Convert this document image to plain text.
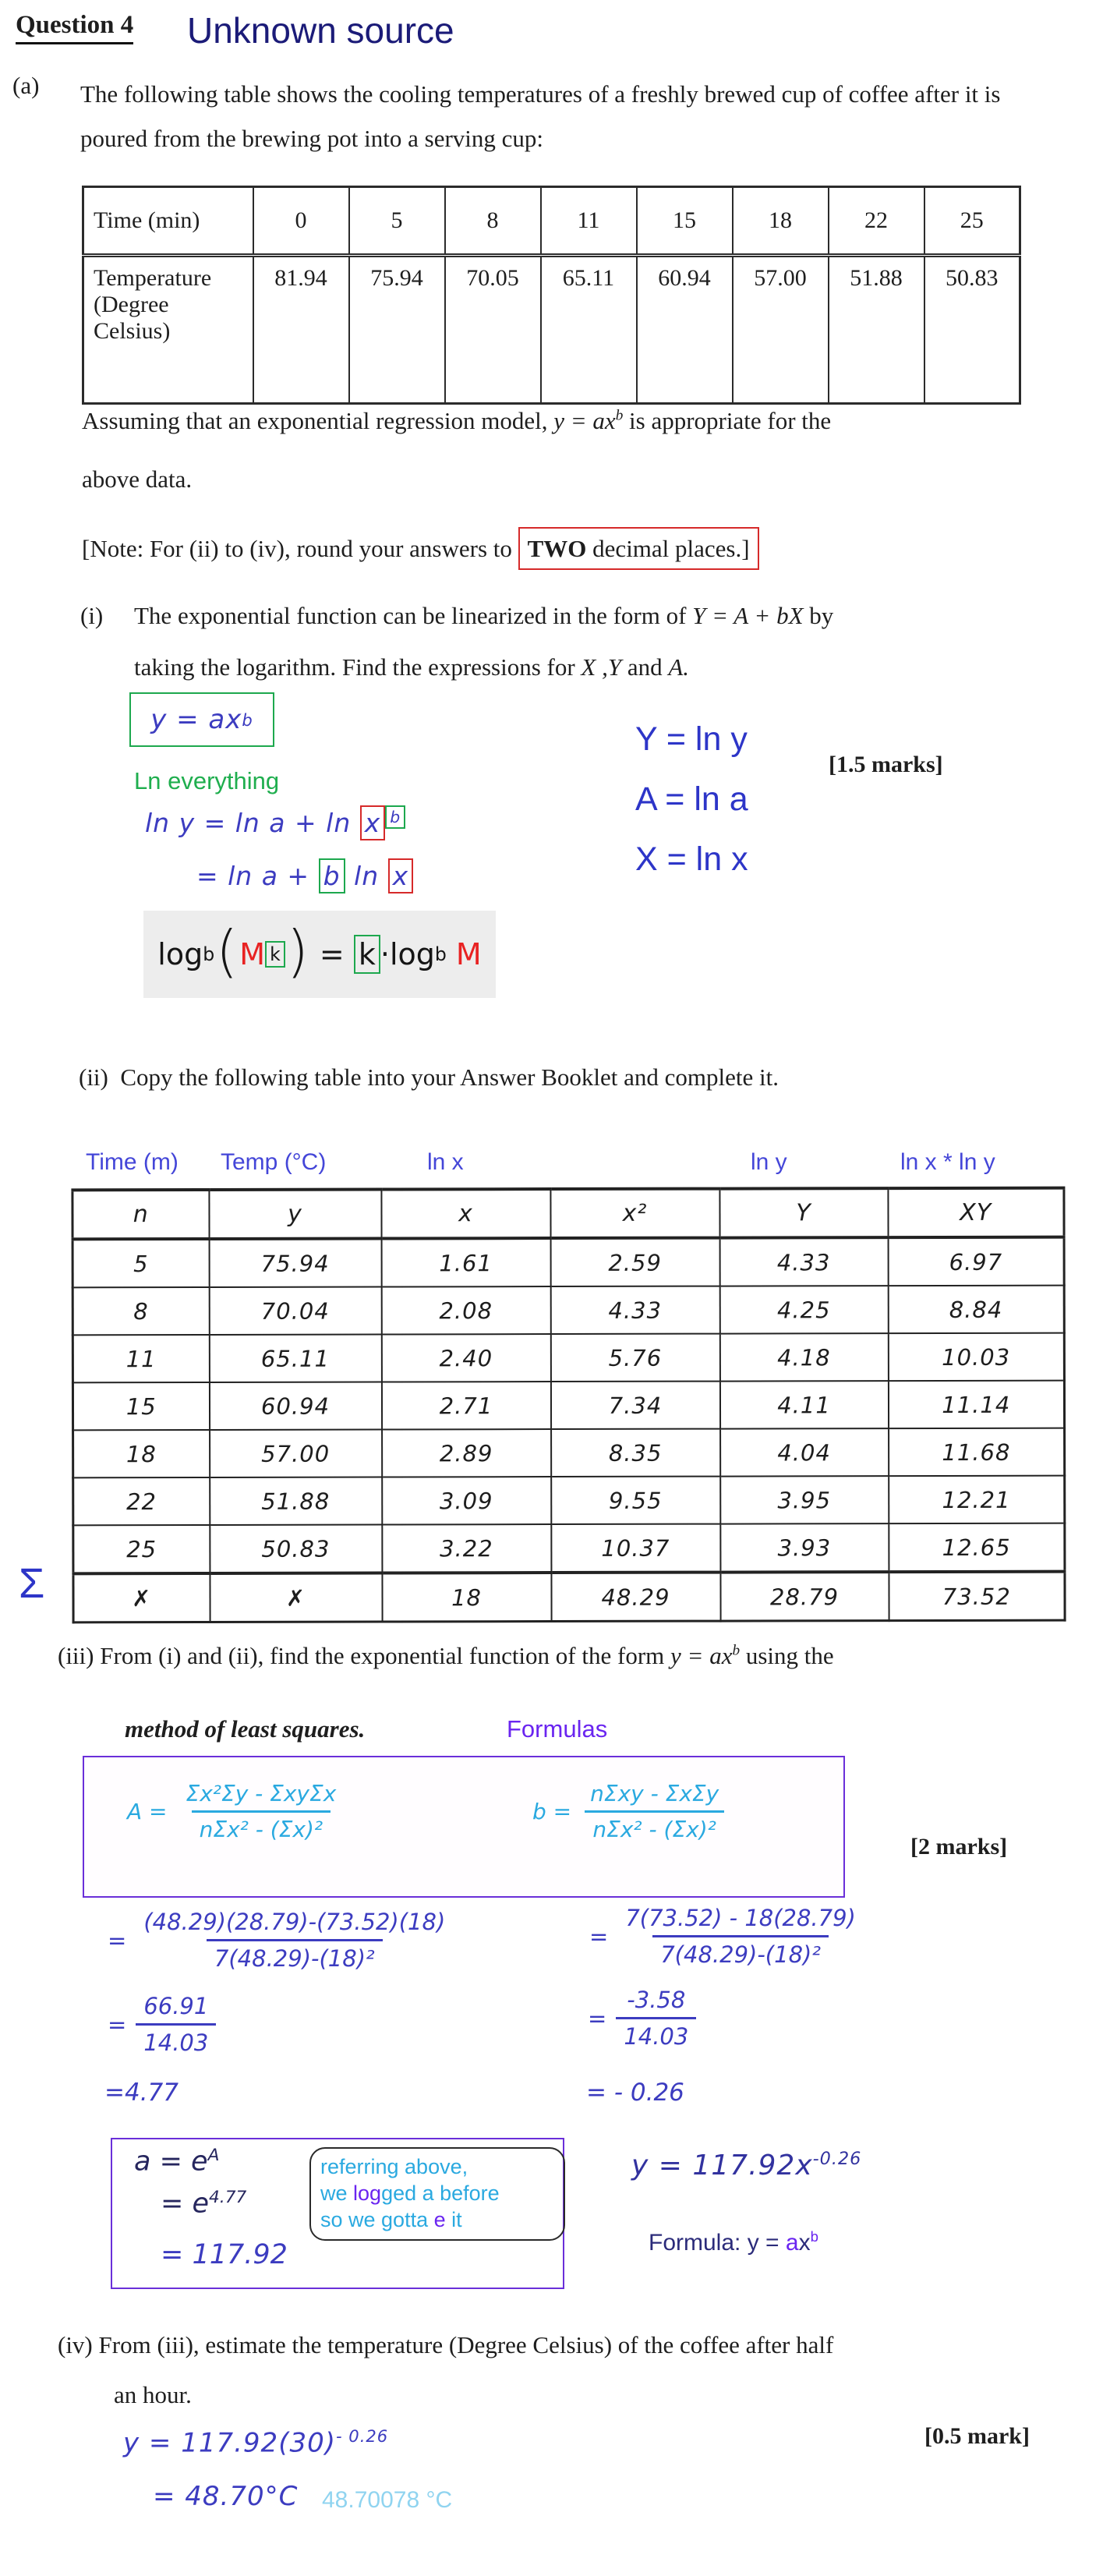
Question 4 Unknown source
(a) The following table shows the cooling temperatures of a freshly brewed cup of coffee after it is poured from the brewing pot into a serving cup:
Time (min)	0	5	8	11	15	18	22	25
Temperature (Degree Celsius)	81.94	75.94	70.05	65.11	60.94	57.00	51.88	50.83
Assuming that an exponential regression model, $y = ax^b$ is appropriate for the
above data.
[Note: For (ii) to (iv), round your answers to TWO decimal places.]
(i) The exponential function can be linearized in the form of Y = A + bX by
taking the logarithm. Find the expressions for X ,Y and A.
[1.5 marks]
y = ax b
Ln everything
ln y = ln a + ln x $^b$
= ln a + b ln x
log b ( M k )
=
k · log b
M
Y = ln y
A = ln a
X = ln x
(ii) Copy the following table into your Answer Booklet and complete it.
Time (m) Temp (°C)	ln x	ln y	ln x * ln y
n	y	x	x²	Y	XY
5	75.94	1.61	2.59	4.33	6.97
8	70.04	2.08	4.33	4.25	8.84
11	65.11	2.40	5.76	4.18	10.03
15	60.94	2.71	7.34	4.11	11.14
18	57.00	2.89	8.35	4.04	11.68
22	51.88	3.09	9.55	3.95	12.21
25	50.83	3.22	10.37	3.93	12.65
✗	✗	18	48.29	28.79	73.52
Σ
(iii) From (i) and (ii), find the exponential function of the form $y = ax^b$ using the
method of least squares.	Formulas
[2 marks]
$A = \frac{\text{Σx²Σy - ΣxyΣx}}{\text{nΣx² - (Σx)²}}$	$b = \frac{\text{nΣxy - ΣxΣy}}{\text{nΣx² - (Σx)²}}$
= $\frac{(48.29)(28.79)-(73.52)(18)}{\text{7(48.29)-(18)²}}$
= $\frac{66.91}{14.03}$
=4.77
= $\frac{7(73.52) - 18(28.79)}{\text{7(48.29)-(18)²}}$
= $\frac{-3.58}{14.03}$
= - 0.26
$a = e^A$
= $e^{4.77}$
= 117.92
referring above,
we logged a before
so we gotta e it
$y = 117.92x^{-0.26}$
Formula: $y = ax^b$
(iv) From (iii), estimate the temperature (Degree Celsius) of the coffee after half
an hour.
[0.5 mark]
$y = 117.92(30)^{- 0.26}$
= 48.70°C 48.70078 °C
